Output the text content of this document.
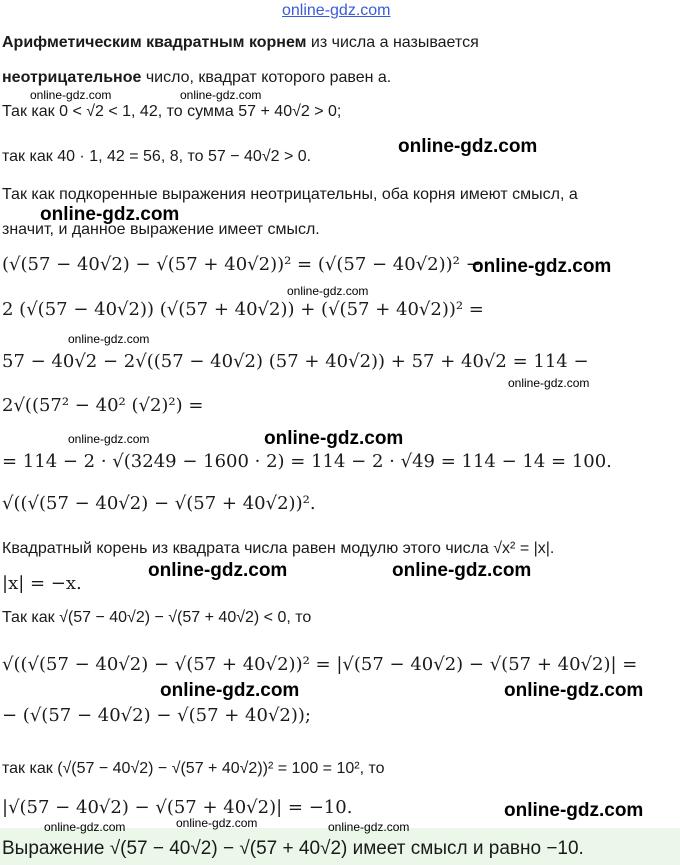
online-gdz.com
Арифметическим квадратным корнем из числа a называется
неотрицательное число, квадрат которого равен a.
Так как 0 < √2 < 1, 42, то сумма 57 + 40√2 > 0;
так как 40 · 1, 42 = 56, 8, то 57 − 40√2 > 0.
Так как подкоренные выражения неотрицательны, оба корня имеют смысл, а
значит, и данное выражение имеет смысл.
(√(57 − 40√2) − √(57 + 40√2))² = (√(57 − 40√2))² −
2 (√(57 − 40√2)) (√(57 + 40√2)) + (√(57 + 40√2))² =
57 − 40√2 − 2√((57 − 40√2) (57 + 40√2)) + 57 + 40√2 = 114 −
2√((57² − 40² (√2)²) =
= 114 − 2 · √(3249 − 1600 · 2) = 114 − 2 · √49 = 114 − 14 = 100.
√((√(57 − 40√2) − √(57 + 40√2))².
Квадратный корень из квадрата числа равен модулю этого числа √x² = |x|.
|x| = −x.
Так как √(57 − 40√2) − √(57 + 40√2) < 0, то
√((√(57 − 40√2) − √(57 + 40√2))² = |√(57 − 40√2) − √(57 + 40√2)| =
− (√(57 − 40√2) − √(57 + 40√2));
так как (√(57 − 40√2) − √(57 + 40√2))² = 100 = 10², то
|√(57 − 40√2) − √(57 + 40√2)| = −10.
Выражение √(57 − 40√2) − √(57 + 40√2) имеет смысл и равно −10.
online-gdz.com	online-gdz.com
online-gdz.com
online-gdz.com
online-gdz.com
online-gdz.com
online-gdz.com
online-gdz.com
online-gdz.com	online-gdz.com
online-gdz.com	online-gdz.com
online-gdz.com	online-gdz.com
online-gdz.com
online-gdz.com	online-gdz.com	online-gdz.com
